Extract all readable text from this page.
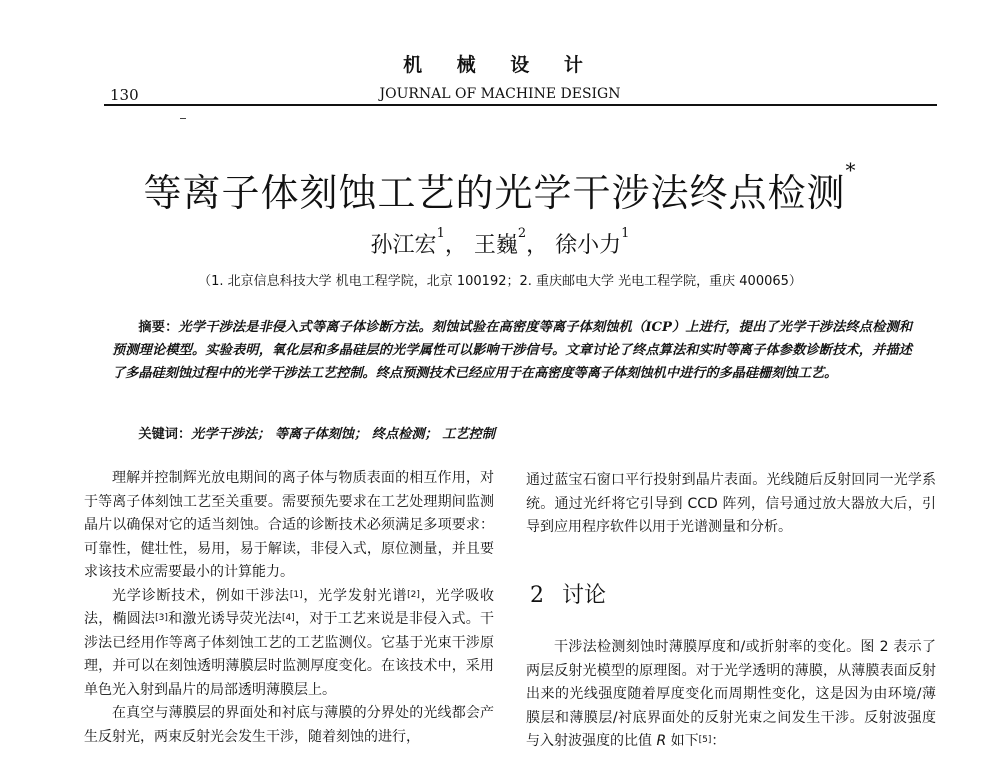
机 械 设 计
130	JOURNAL OF MACHINE DESIGN
等离子体刻蚀工艺的光学干涉法终点检测*
孙江宏$^1$， 王巍$^2$， 徐小力$^1$
（1. 北京信息科技大学 机电工程学院，北京 100192；2. 重庆邮电大学 光电工程学院，重庆 400065）
摘要：光学干涉法是非侵入式等离子体诊断方法。刻蚀试验在高密度等离子体刻蚀机（ICP）上进行，提出了光学干涉法终点检测和预测理论模型。实验表明，氧化层和多晶硅层的光学属性可以影响干涉信号。文章讨论了终点算法和实时等离子体参数诊断技术，并描述了多晶硅刻蚀过程中的光学干涉法工艺控制。终点预测技术已经应用于在高密度等离子体刻蚀机中进行的多晶硅栅刻蚀工艺。
关键词：光学干涉法； 等离子体刻蚀； 终点检测； 工艺控制

理解并控制辉光放电期间的离子体与物质表面的相互作用，对于等离子体刻蚀工艺至关重要。需要预先要求在工艺处理期间监测晶片以确保对它的适当刻蚀。合适的诊断技术必须满足多项要求：可靠性，健壮性，易用，易于解读，非侵入式，原位测量，并且要求该技术应需要最小的计算能力。

光学诊断技术，例如干涉法[1]，光学发射光谱[2]，光学吸收法，椭圆法[3]和激光诱导荧光法[4]，对于工艺来说是非侵入式。干涉法已经用作等离子体刻蚀工艺的工艺监测仪。它基于光束干涉原理，并可以在刻蚀透明薄膜层时监测厚度变化。在该技术中，采用单色光入射到晶片的局部透明薄膜层上。

在真空与薄膜层的界面处和衬底与薄膜的分界处的光线都会产生反射光，两束反射光会发生干涉，随着刻蚀的进行，

通过蓝宝石窗口平行投射到晶片表面。光线随后反射回同一光学系统。通过光纤将它引导到 CCD 阵列，信号通过放大器放大后，引导到应用程序软件以用于光谱测量和分析。

2 讨论

干涉法检测刻蚀时薄膜厚度和/或折射率的变化。图 2 表示了两层反射光模型的原理图。对于光学透明的薄膜，从薄膜表面反射出来的光线强度随着厚度变化而周期性变化，这是因为由环境/薄膜层和薄膜层/衬底界面处的反射光束之间发生干涉。反射波强度与入射波强度的比值 R 如下[5]：
